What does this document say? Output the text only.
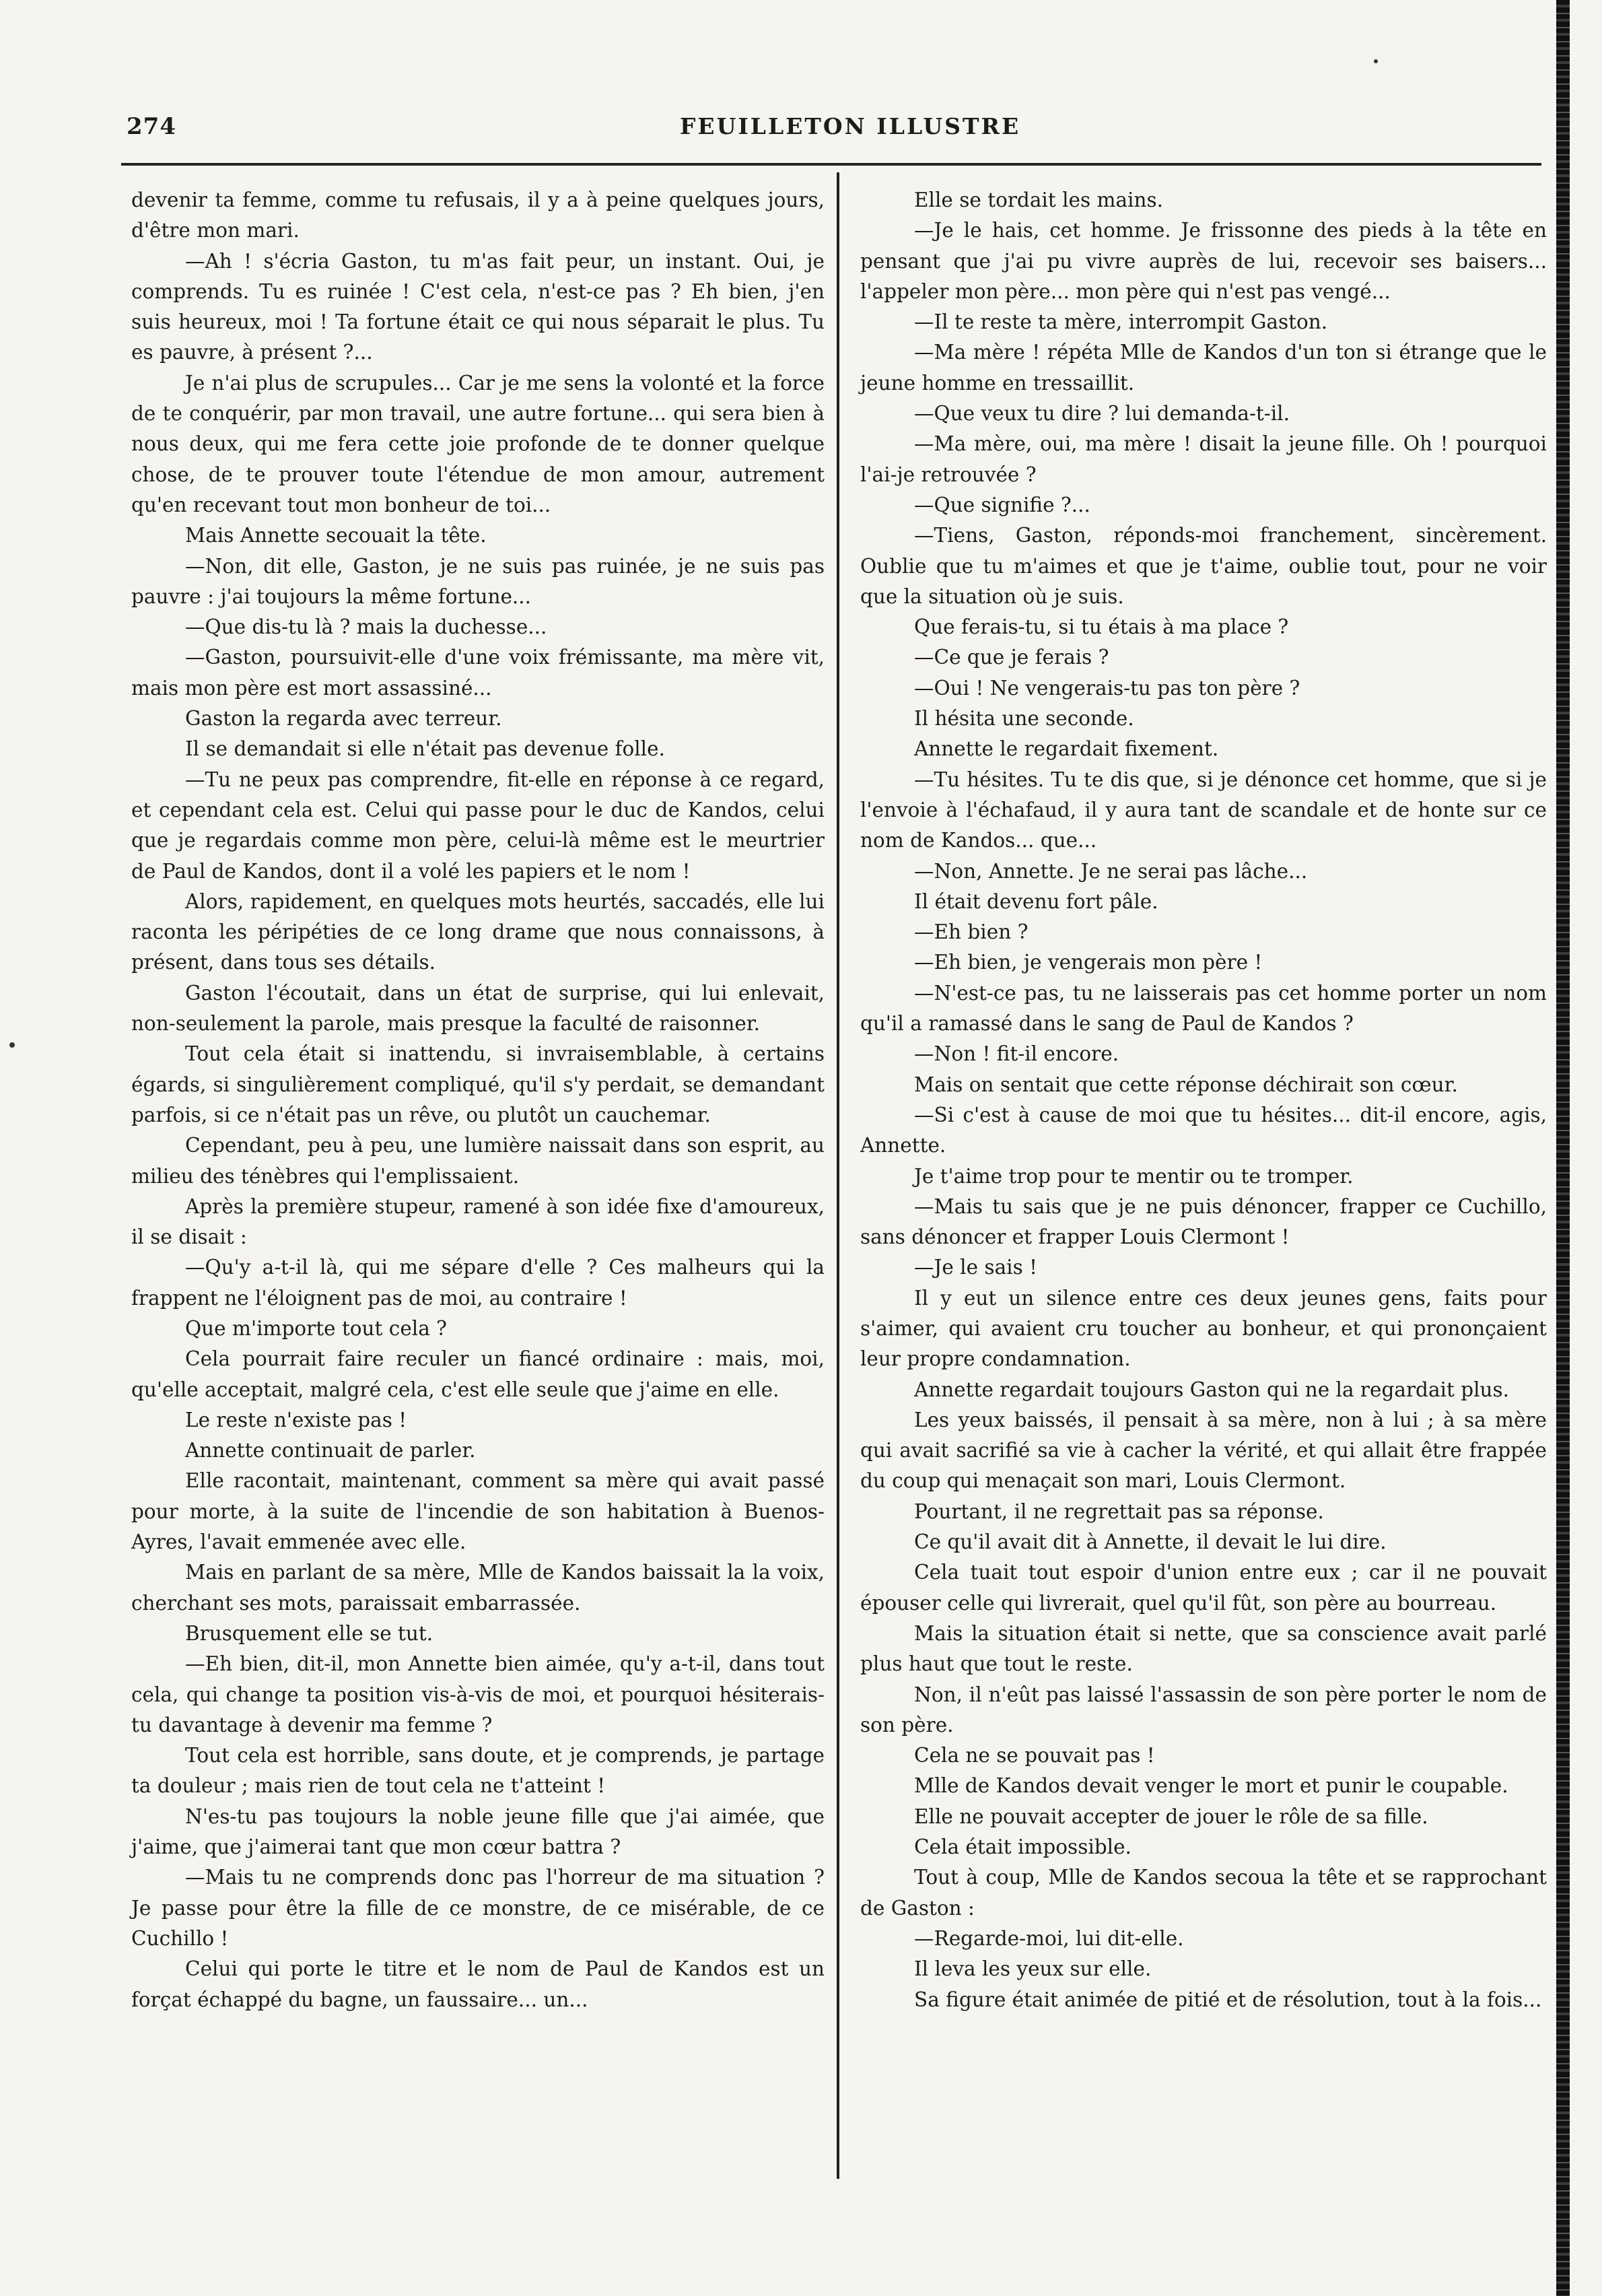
274	FEUILLETON ILLUSTRE

devenir ta femme, comme tu refusais, il y a à peine quelques jours, d'être mon mari.

—Ah ! s'écria Gaston, tu m'as fait peur, un instant. Oui, je comprends. Tu es ruinée ! C'est cela, n'est-ce pas ? Eh bien, j'en suis heureux, moi ! Ta fortune était ce qui nous séparait le plus. Tu es pauvre, à présent ?...

Je n'ai plus de scrupules... Car je me sens la volonté et la force de te conquérir, par mon travail, une autre fortune... qui sera bien à nous deux, qui me fera cette joie profonde de te donner quelque chose, de te prouver toute l'étendue de mon amour, autrement qu'en recevant tout mon bonheur de toi...

Mais Annette secouait la tête.

—Non, dit elle, Gaston, je ne suis pas ruinée, je ne suis pas pauvre : j'ai toujours la même fortune...

—Que dis-tu là ? mais la duchesse...

—Gaston, poursuivit-elle d'une voix frémissante, ma mère vit, mais mon père est mort assassiné...

Gaston la regarda avec terreur.

Il se demandait si elle n'était pas devenue folle.

—Tu ne peux pas comprendre, fit-elle en réponse à ce regard, et cependant cela est. Celui qui passe pour le duc de Kandos, celui que je regardais comme mon père, celui-là même est le meurtrier de Paul de Kandos, dont il a volé les papiers et le nom !

Alors, rapidement, en quelques mots heurtés, saccadés, elle lui raconta les péripéties de ce long drame que nous connaissons, à présent, dans tous ses détails.

Gaston l'écoutait, dans un état de surprise, qui lui enlevait, non-seulement la parole, mais presque la faculté de raisonner.

Tout cela était si inattendu, si invraisemblable, à certains égards, si singulièrement compliqué, qu'il s'y perdait, se demandant parfois, si ce n'était pas un rêve, ou plutôt un cauchemar.

Cependant, peu à peu, une lumière naissait dans son esprit, au milieu des ténèbres qui l'emplissaient.

Après la première stupeur, ramené à son idée fixe d'amoureux, il se disait :

—Qu'y a-t-il là, qui me sépare d'elle ? Ces malheurs qui la frappent ne l'éloignent pas de moi, au contraire !

Que m'importe tout cela ?

Cela pourrait faire reculer un fiancé ordinaire : mais, moi, qu'elle acceptait, malgré cela, c'est elle seule que j'aime en elle.

Le reste n'existe pas !

Annette continuait de parler.

Elle racontait, maintenant, comment sa mère qui avait passé pour morte, à la suite de l'incendie de son habitation à Buenos-Ayres, l'avait emmenée avec elle.

Mais en parlant de sa mère, Mlle de Kandos baissait la la voix, cherchant ses mots, paraissait embarrassée.

Brusquement elle se tut.

—Eh bien, dit-il, mon Annette bien aimée, qu'y a-t-il, dans tout cela, qui change ta position vis-à-vis de moi, et pourquoi hésiterais-tu davantage à devenir ma femme ?

Tout cela est horrible, sans doute, et je comprends, je partage ta douleur ; mais rien de tout cela ne t'atteint !

N'es-tu pas toujours la noble jeune fille que j'ai aimée, que j'aime, que j'aimerai tant que mon cœur battra ?

—Mais tu ne comprends donc pas l'horreur de ma situation ? Je passe pour être la fille de ce monstre, de ce misérable, de ce Cuchillo !

Celui qui porte le titre et le nom de Paul de Kandos est un forçat échappé du bagne, un faussaire... un...

Elle se tordait les mains.

—Je le hais, cet homme. Je frissonne des pieds à la tête en pensant que j'ai pu vivre auprès de lui, recevoir ses baisers... l'appeler mon père... mon père qui n'est pas vengé...

—Il te reste ta mère, interrompit Gaston.

—Ma mère ! répéta Mlle de Kandos d'un ton si étrange que le jeune homme en tressaillit.

—Que veux tu dire ? lui demanda-t-il.

—Ma mère, oui, ma mère ! disait la jeune fille. Oh ! pourquoi l'ai-je retrouvée ?

—Que signifie ?...

—Tiens, Gaston, réponds-moi franchement, sincèrement. Oublie que tu m'aimes et que je t'aime, oublie tout, pour ne voir que la situation où je suis.

Que ferais-tu, si tu étais à ma place ?

—Ce que je ferais ?

—Oui ! Ne vengerais-tu pas ton père ?

Il hésita une seconde.

Annette le regardait fixement.

—Tu hésites. Tu te dis que, si je dénonce cet homme, que si je l'envoie à l'échafaud, il y aura tant de scandale et de honte sur ce nom de Kandos... que...

—Non, Annette. Je ne serai pas lâche...

Il était devenu fort pâle.

—Eh bien ?

—Eh bien, je vengerais mon père !

—N'est-ce pas, tu ne laisserais pas cet homme porter un nom qu'il a ramassé dans le sang de Paul de Kandos ?

—Non ! fit-il encore.

Mais on sentait que cette réponse déchirait son cœur.

—Si c'est à cause de moi que tu hésites... dit-il encore, agis, Annette.

Je t'aime trop pour te mentir ou te tromper.

—Mais tu sais que je ne puis dénoncer, frapper ce Cuchillo, sans dénoncer et frapper Louis Clermont !

—Je le sais !

Il y eut un silence entre ces deux jeunes gens, faits pour s'aimer, qui avaient cru toucher au bonheur, et qui prononçaient leur propre condamnation.

Annette regardait toujours Gaston qui ne la regardait plus.

Les yeux baissés, il pensait à sa mère, non à lui ; à sa mère qui avait sacrifié sa vie à cacher la vérité, et qui allait être frappée du coup qui menaçait son mari, Louis Clermont.

Pourtant, il ne regrettait pas sa réponse.

Ce qu'il avait dit à Annette, il devait le lui dire.

Cela tuait tout espoir d'union entre eux ; car il ne pouvait épouser celle qui livrerait, quel qu'il fût, son père au bourreau.

Mais la situation était si nette, que sa conscience avait parlé plus haut que tout le reste.

Non, il n'eût pas laissé l'assassin de son père porter le nom de son père.

Cela ne se pouvait pas !

Mlle de Kandos devait venger le mort et punir le coupable.

Elle ne pouvait accepter de jouer le rôle de sa fille.

Cela était impossible.

Tout à coup, Mlle de Kandos secoua la tête et se rapprochant de Gaston :

—Regarde-moi, lui dit-elle.

Il leva les yeux sur elle.

Sa figure était animée de pitié et de résolution, tout à la fois...
